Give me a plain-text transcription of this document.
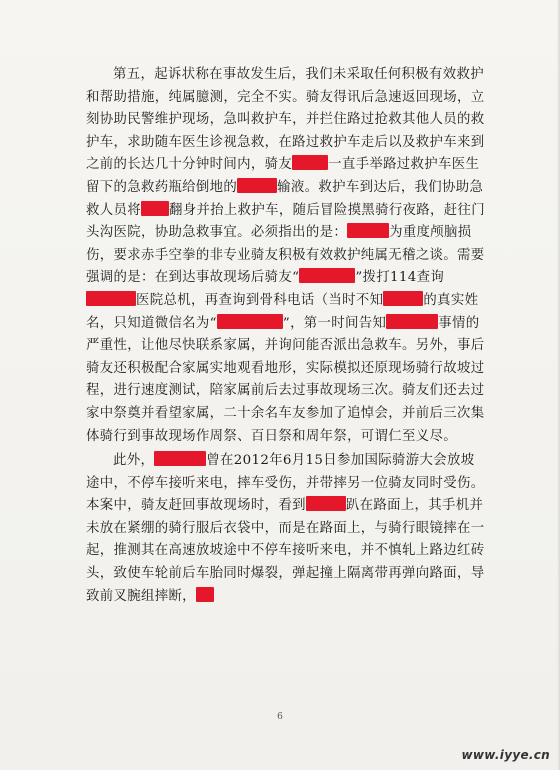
第五，起诉状称在事故发生后，我们未采取任何积极有效救护和帮助措施，纯属臆测，完全不实。骑友得讯后急速返回现场，立刻协助民警维护现场，急叫救护车，并拦住路过抢救其他人员的救护车，求助随车医生诊视急救，在路过救护车走后以及救护车来到之前的长达几十分钟时间内，骑友	一直手举路过救护车医生留下的急救药瓶给倒地的	输液。救护车到达后，我们协助急救人员将 翻身并抬上救护车，随后冒险摸黑骑行夜路，赶往门头沟医院，协助急救事宜。必须指出的是：	为重度颅脑损伤，要求赤手空拳的非专业骑友积极有效救护纯属无稽之谈。需要强调的是：在到达事故现场后骑友“	”拨打114查询医院总机，再查询到骨科电话（当时不知	的真实姓名，只知道微信名为“	”，第一时间告知	事情的严重性，让他尽快联系家属，并询问能否派出急救车。另外，事后骑友还积极配合家属实地观看地形，实际模拟还原现场骑行故坡过程，进行速度测试，陪家属前后去过事故现场三次。骑友们还去过家中祭奠并看望家属，二十余名车友参加了追悼会，并前后三次集体骑行到事故现场作周祭、百日祭和周年祭，可谓仁至义尽。

此外，	曾在2012年6月15日参加国际骑游大会放坡途中，不停车接听来电，摔车受伤，并带摔另一位骑友同时受伤。本案中，骑友赶回事故现场时，看到	趴在路面上，其手机并未放在紧绷的骑行服后衣袋中，而是在路面上，与骑行眼镜摔在一起，推测其在高速放坡途中不停车接听来电，并不慎轧上路边红砖头，致使车轮前后车胎同时爆裂，弹起撞上隔离带再弹向路面，导致前叉腕组摔断，

6
www.iyye.cn
